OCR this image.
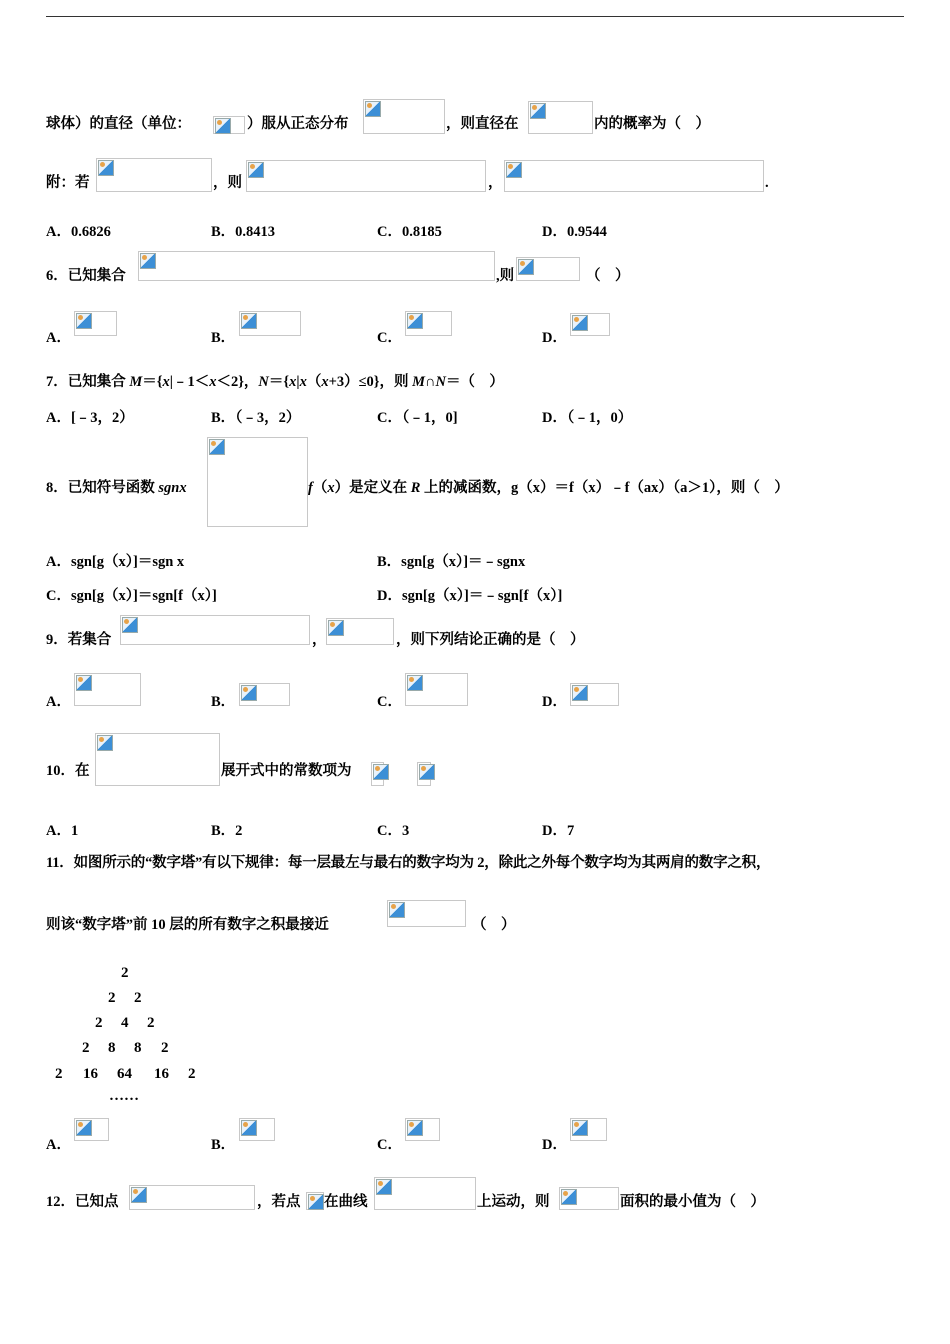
球体）的直径（单位：	）服从正态分布	，则直径在	内的概率为（　）
附：若	，则	，	.
A．0.6826	B．0.8413	C．0.8185	D．0.9544
6．已知集合	,则	（　）
A．	B．	C．	D．
7．已知集合 M＝{x|﹣1＜x＜2}，N＝{x|x（x+3）≤0}，则 M∩N＝（　）
A．[﹣3，2）	B．（﹣3，2）	C．（﹣1，0]	D．（﹣1，0）
8．已知符号函数 sgnx	f（x）是定义在 R 上的减函数，g（x）＝f（x）﹣f（ax）（a＞1），则（　）
A．sgn[g（x）]＝sgn x	B．sgn[g（x）]＝﹣sgnx
C．sgn[g（x）]＝sgn[f（x）]	D．sgn[g（x）]＝﹣sgn[f（x）]
9．若集合	，	，则下列结论正确的是（　）
A．	B．	C．	D．
10．在	展开式中的常数项为
A．1	B．2	C．3	D．7
11．如图所示的“数字塔”有以下规律：每一层最左与最右的数字均为 2，除此之外每个数字均为其两肩的数字之积，
则该“数字塔”前 10 层的所有数字之积最接近	（　）
2
2 2
2 4 2
2 8 8 2
2 16 64 16 2
……
A．	B．	C．	D．
12．已知点	，若点 在曲线	上运动，则	面积的最小值为（　）
